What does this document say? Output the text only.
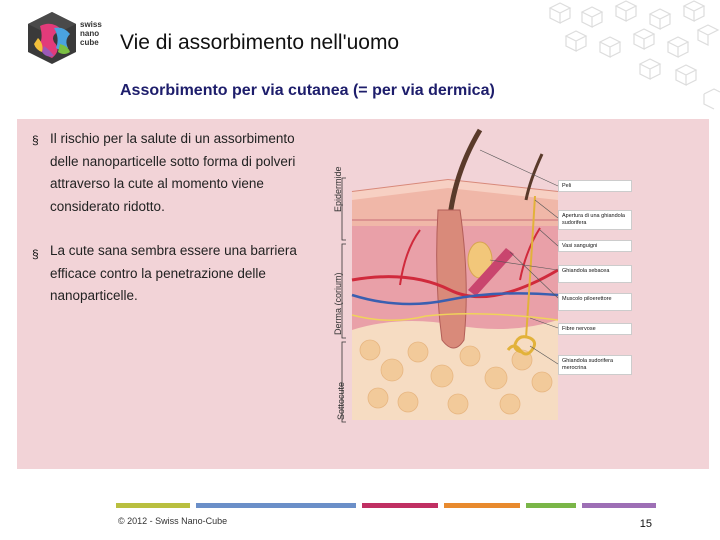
swiss nano cube	Vie di assorbimento nell'uomo
Assorbimento per via cutanea (= per via dermica)
§ Il rischio per la salute di un assorbimento delle nanoparticelle sotto forma di polveri attraverso la cute al momento viene considerato ridotto.
§ La cute sana sembra essere una barriera efficace contro la penetrazione delle nanoparticelle.
Epidermide
Derma (corium)
Sottocute
Peli
Apertura di una ghiandola sudorifera
Vasi sanguigni
Ghiandola sebacea
Muscolo piloerettore
Fibre nervose
Ghiandola sudorifera merocrina
© 2012 - Swiss Nano-Cube	15
